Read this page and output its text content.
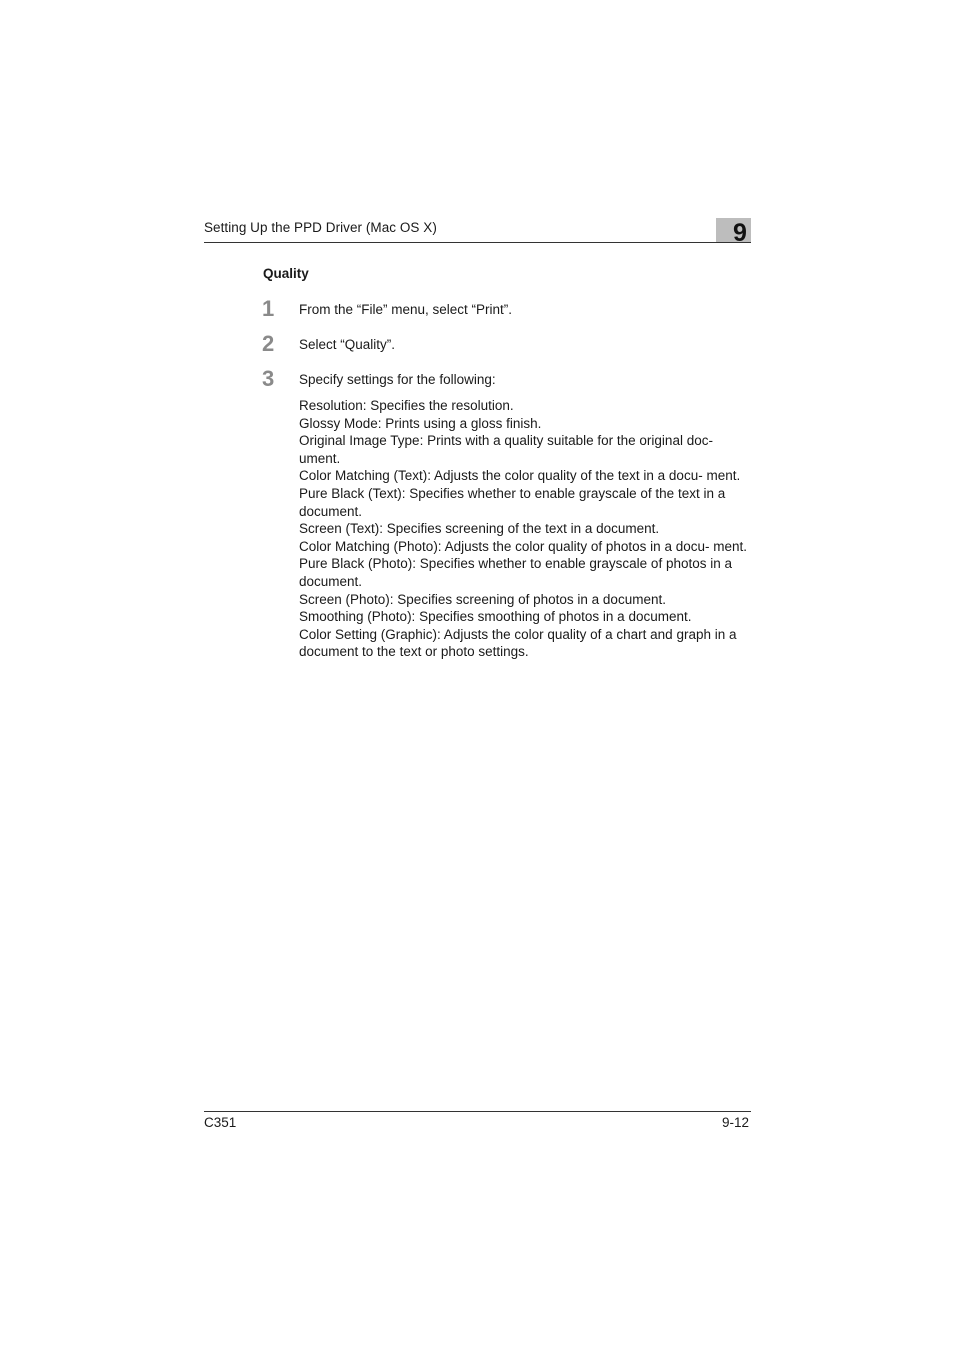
Setting Up the PPD Driver (Mac OS X)	9
Quality
1 From the “File” menu, select “Print”.
2 Select “Quality”.
3 Specify settings for the following:
Resolution: Specifies the resolution.
Glossy Mode: Prints using a gloss finish.
Original Image Type: Prints with a quality suitable for the original doc- ument.
Color Matching (Text): Adjusts the color quality of the text in a docu- ment.
Pure Black (Text): Specifies whether to enable grayscale of the text in a document.
Screen (Text): Specifies screening of the text in a document.
Color Matching (Photo): Adjusts the color quality of photos in a docu- ment.
Pure Black (Photo): Specifies whether to enable grayscale of photos in a document.
Screen (Photo): Specifies screening of photos in a document.
Smoothing (Photo): Specifies smoothing of photos in a document.
Color Setting (Graphic): Adjusts the color quality of a chart and graph in a document to the text or photo settings.
C351	9-12
